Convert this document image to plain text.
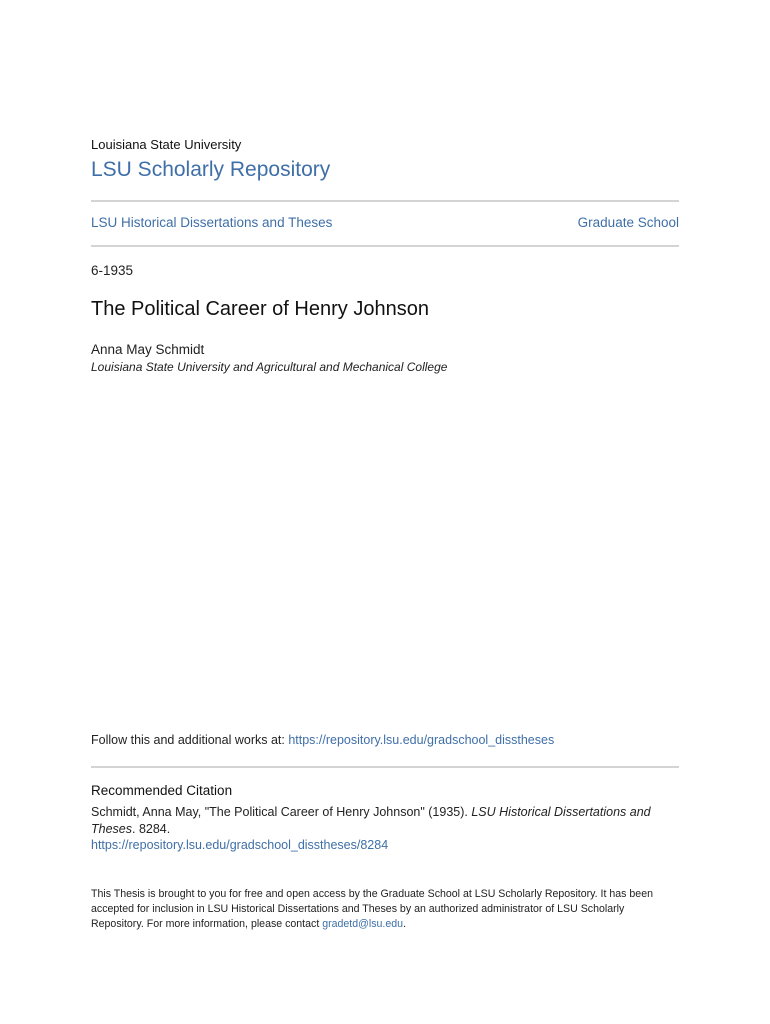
Louisiana State University
LSU Scholarly Repository
LSU Historical Dissertations and Theses	Graduate School
6-1935
The Political Career of Henry Johnson
Anna May Schmidt
Louisiana State University and Agricultural and Mechanical College
Follow this and additional works at: https://repository.lsu.edu/gradschool_disstheses
Recommended Citation
Schmidt, Anna May, "The Political Career of Henry Johnson" (1935). LSU Historical Dissertations and Theses. 8284.
https://repository.lsu.edu/gradschool_disstheses/8284
This Thesis is brought to you for free and open access by the Graduate School at LSU Scholarly Repository. It has been accepted for inclusion in LSU Historical Dissertations and Theses by an authorized administrator of LSU Scholarly Repository. For more information, please contact gradetd@lsu.edu.
